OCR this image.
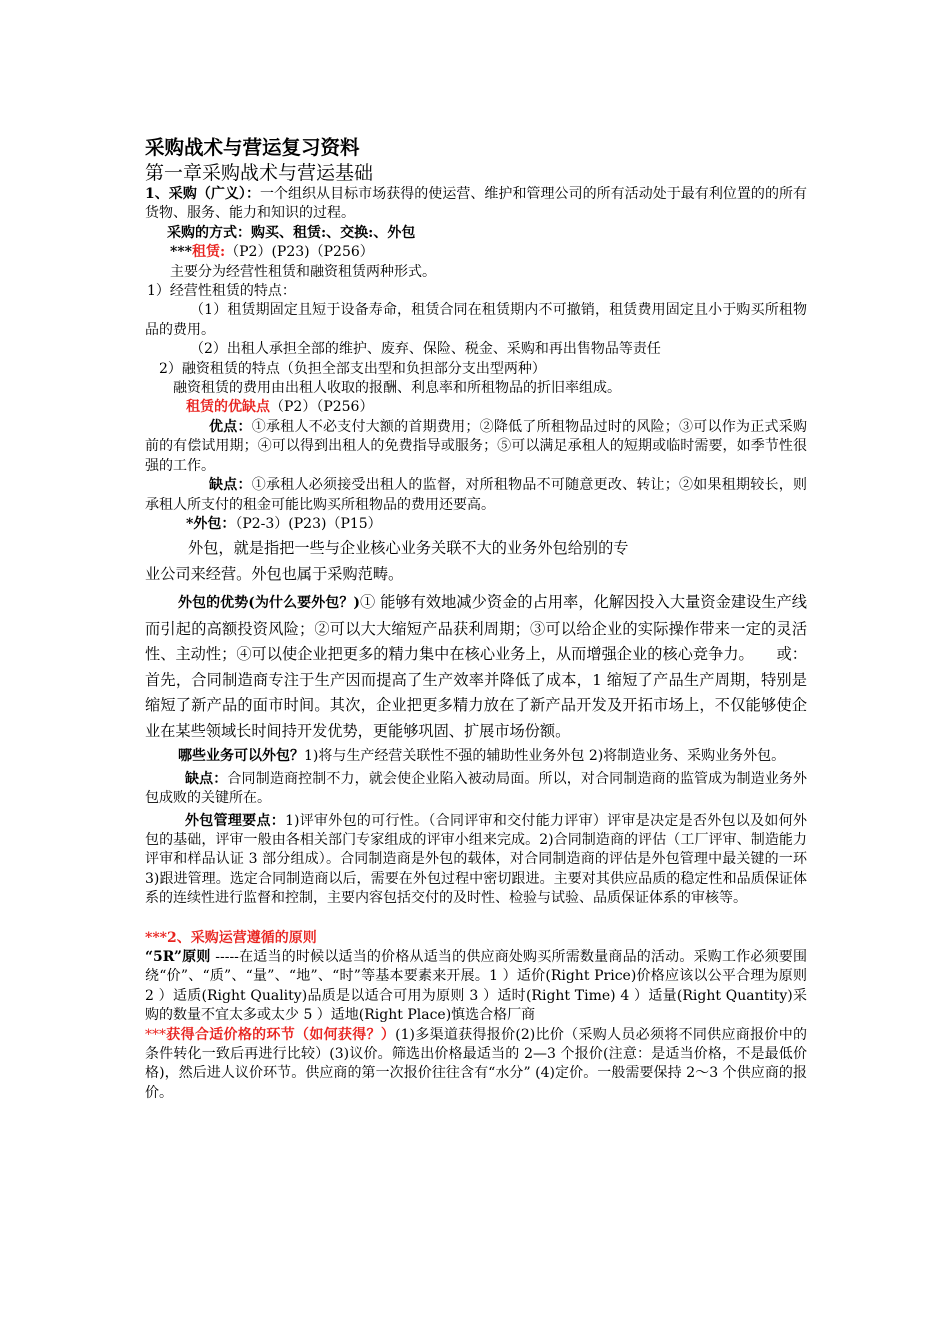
采购战术与营运复习资料
第一章采购战术与营运基础
1、采购（广义）：一个组织从目标市场获得的使运营、维护和管理公司的所有活动处于最有利位置的的所有货物、服务、能力和知识的过程。
采购的方式：购买、租赁:、交换:、外包
***租赁:（P2）(P23)（P256）
主要分为经营性租赁和融资租赁两种形式。
1）经营性租赁的特点：
（1）租赁期固定且短于设备寿命，租赁合同在租赁期内不可撤销，租赁费用固定且小于购买所租物品的费用。
（2）出租人承担全部的维护、废弃、保险、税金、采购和再出售物品等责任
2）融资租赁的特点（负担全部支出型和负担部分支出型两种）
融资租赁的费用由出租人收取的报酬、利息率和所租物品的折旧率组成。
租赁的优缺点（P2）（P256）
优点：①承租人不必支付大额的首期费用；②降低了所租物品过时的风险；③可以作为正式采购前的有偿试用期；④可以得到出租人的免费指导或服务；⑤可以满足承租人的短期或临时需要，如季节性很强的工作。
缺点：①承租人必须接受出租人的监督，对所租物品不可随意更改、转让；②如果租期较长，则承租人所支付的租金可能比购买所租物品的费用还要高。
*外包：（P2-3）(P23)（P15）
外包，就是指把一些与企业核心业务关联不大的业务外包给别的专
业公司来经营。外包也属于采购范畴。
外包的优势(为什么要外包？)① 能够有效地减少资金的占用率，化解因投入大量资金建设生产线而引起的高额投资风险；②可以大大缩短产品获利周期；③可以给企业的实际操作带来一定的灵活性、主动性；④可以使企业把更多的精力集中在核心业务上，从而增强企业的核心竞争力。　　或：首先，合同制造商专注于生产因而提高了生产效率并降低了成本，1 缩短了产品生产周期，特别是缩短了新产品的面市时间。其次，企业把更多精力放在了新产品开发及开拓市场上，不仅能够使企业在某些领域长时间持开发优势，更能够巩固、扩展市场份额。
哪些业务可以外包？1)将与生产经营关联性不强的辅助性业务外包 2)将制造业务、采购业务外包。
缺点：合同制造商控制不力，就会使企业陷入被动局面。所以，对合同制造商的监管成为制造业务外包成败的关键所在。
外包管理要点：1)评审外包的可行性。（合同评审和交付能力评审）评审是决定是否外包以及如何外包的基础，评审一般由各相关部门专家组成的评审小组来完成。2)合同制造商的评估（工厂评审、制造能力评审和样品认证 3 部分组成）。合同制造商是外包的载体，对合同制造商的评估是外包管理中最关键的一环 3)跟进管理。选定合同制造商以后，需要在外包过程中密切跟进。主要对其供应品质的稳定性和品质保证体系的连续性进行监督和控制，主要内容包括交付的及时性、检验与试验、品质保证体系的审核等。
***2、采购运营遵循的原则
“5R”原则 -----在适当的时候以适当的价格从适当的供应商处购买所需数量商品的活动。采购工作必须要围绕“价”、“质”、“量”、“地”、“时”等基本要素来开展。1 ）适价(Right Price)价格应该以公平合理为原则 2 ）适质(Right Quality)品质是以适合可用为原则 3 ）适时(Right Time) 4 ）适量(Right Quantity)采购的数量不宜太多或太少 5 ）适地(Right Place)慎选合格厂商
***获得合适价格的环节（如何获得？）(1)多渠道获得报价(2)比价（采购人员必须将不同供应商报价中的条件转化一致后再进行比较）(3)议价。筛选出价格最适当的 2—3 个报价(注意：是适当价格，不是最低价格)，然后进人议价环节。供应商的第一次报价往往含有“水分” (4)定价。一般需要保持 2～3 个供应商的报价。
